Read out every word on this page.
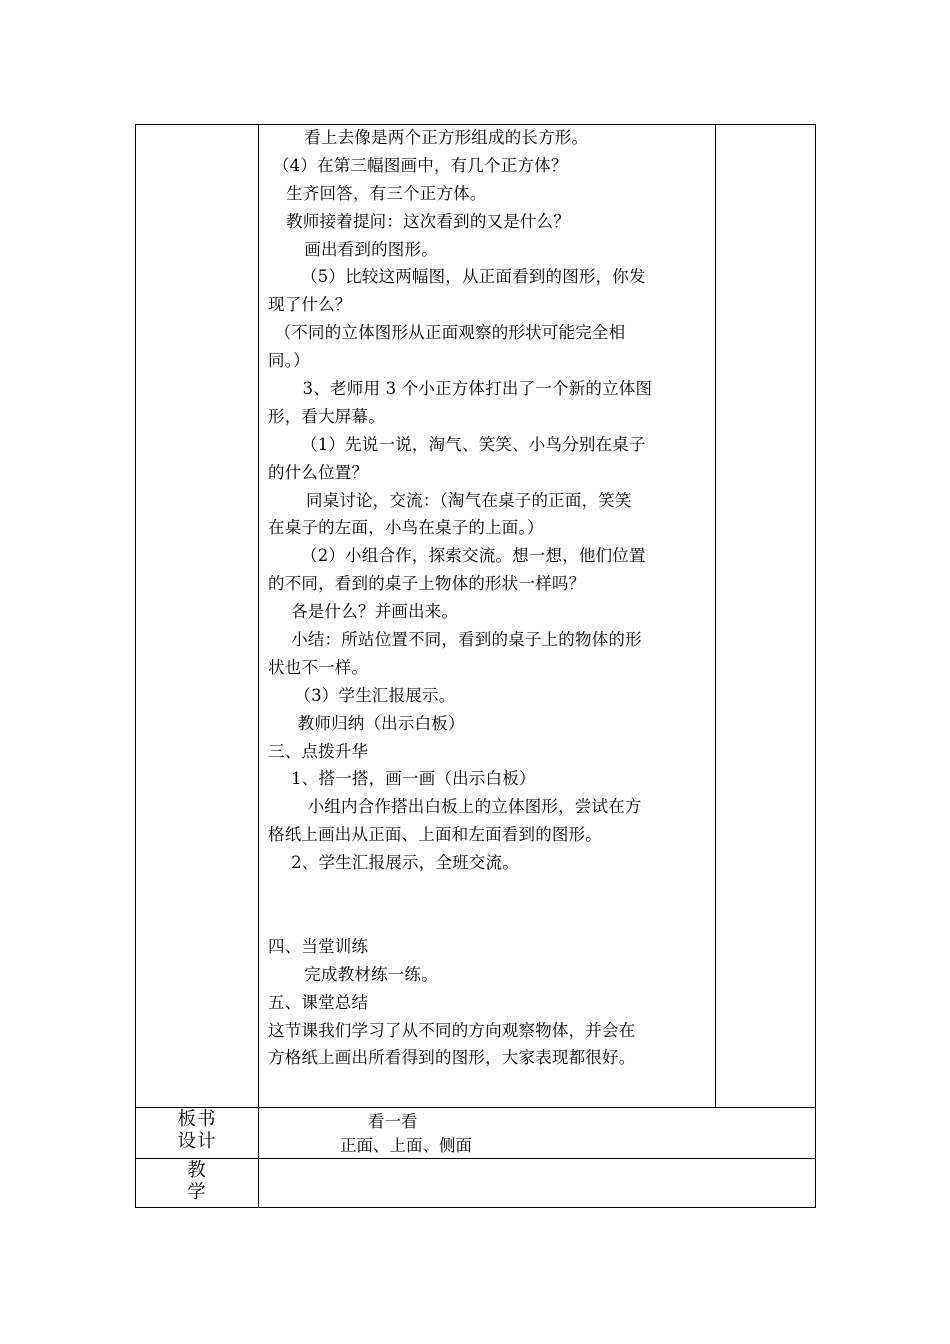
看上去像是两个正方形组成的长方形。
（4）在第三幅图画中，有几个正方体？
生齐回答，有三个正方体。
教师接着提问：这次看到的又是什么？
画出看到的图形。
（5）比较这两幅图，从正面看到的图形，你发
现了什么？
（不同的立体图形从正面观察的形状可能完全相
同。）
3、老师用 3 个小正方体打出了一个新的立体图
形，看大屏幕。
（1）先说一说，淘气、笑笑、小鸟分别在桌子
的什么位置？
同桌讨论，交流：（淘气在桌子的正面，笑笑
在桌子的左面，小鸟在桌子的上面。）
（2）小组合作，探索交流。想一想，他们位置
的不同，看到的桌子上物体的形状一样吗？
各是什么？并画出来。
小结：所站位置不同，看到的桌子上的物体的形
状也不一样。
（3）学生汇报展示。
教师归纳（出示白板）
三、点拨升华
1、搭一搭，画一画（出示白板）
小组内合作搭出白板上的立体图形，尝试在方
格纸上画出从正面、上面和左面看到的图形。
2、学生汇报展示，全班交流。
四、当堂训练
完成教材练一练。
五、课堂总结
这节课我们学习了从不同的方向观察物体，并会在
方格纸上画出所看得到的图形，大家表现都很好。
板书
设计
看一看
正面、上面、侧面
教
学
